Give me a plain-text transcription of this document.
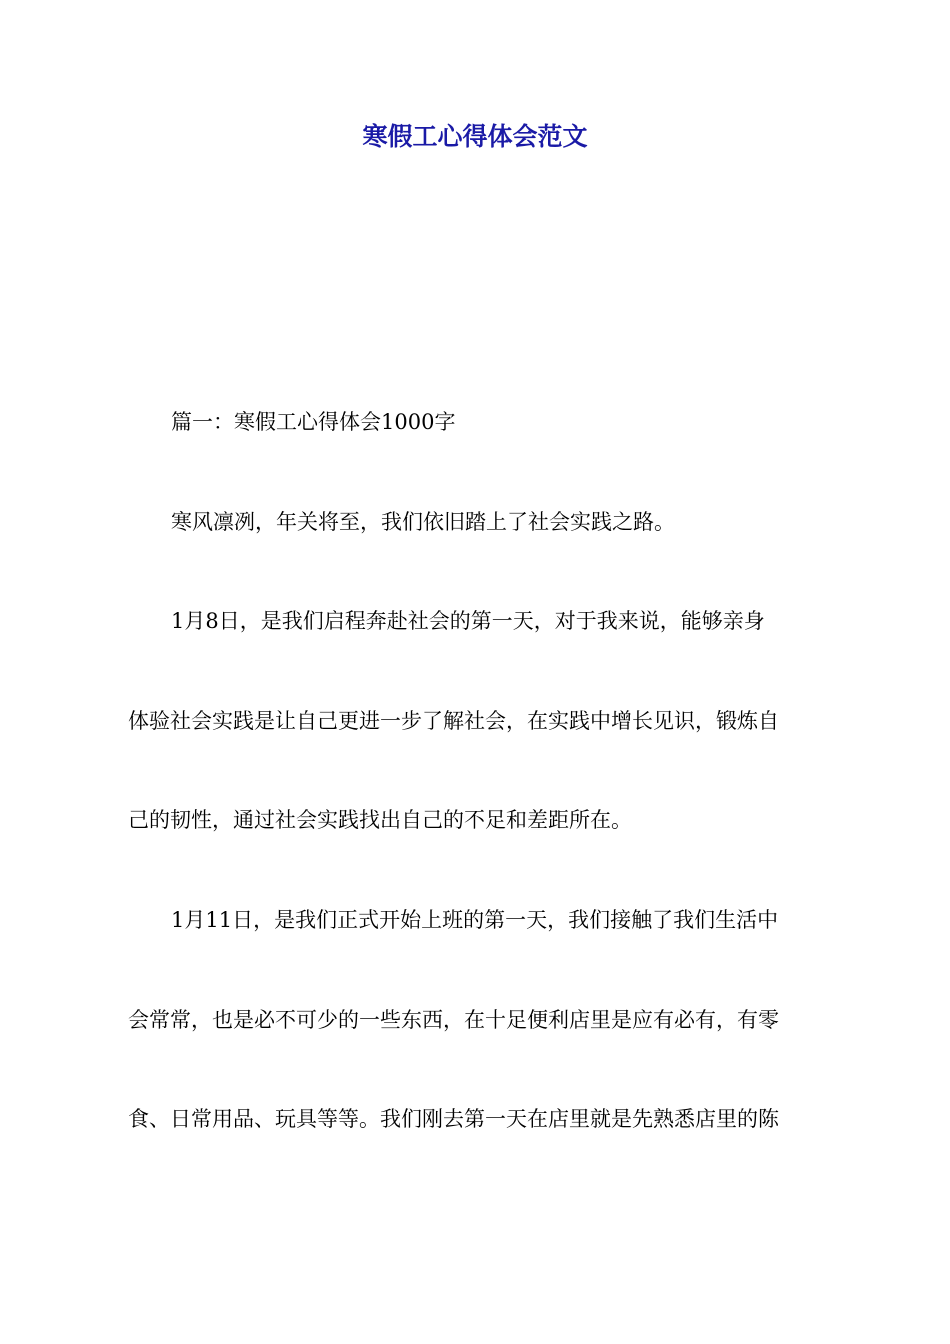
寒假工心得体会范文
篇一：寒假工心得体会1000字
寒风凛冽，年关将至，我们依旧踏上了社会实践之路。
1月8日，是我们启程奔赴社会的第一天，对于我来说，能够亲身
体验社会实践是让自己更进一步了解社会，在实践中增长见识，锻炼自
己的韧性，通过社会实践找出自己的不足和差距所在。
1月11日，是我们正式开始上班的第一天，我们接触了我们生活中
会常常，也是必不可少的一些东西，在十足便利店里是应有必有，有零
食、日常用品、玩具等等。我们刚去第一天在店里就是先熟悉店里的陈
